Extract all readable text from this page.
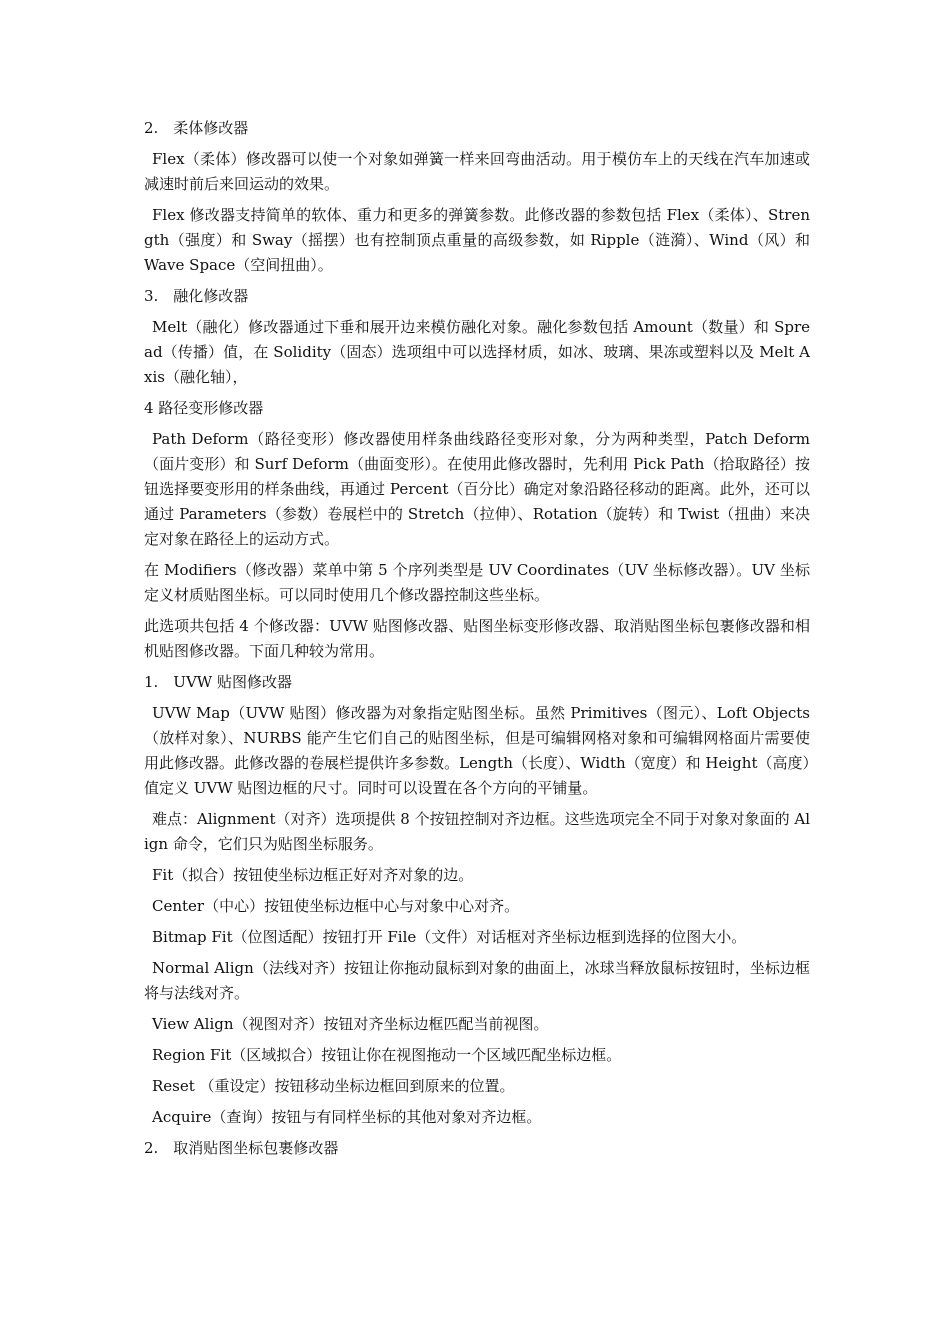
2.　柔体修改器

Flex（柔体）修改器可以使一个对象如弹簧一样来回弯曲活动。用于模仿车上的天线在汽车加速或减速时前后来回运动的效果。

Flex 修改器支持简单的软体、重力和更多的弹簧参数。此修改器的参数包括 Flex（柔体）、Strength（强度）和 Sway（摇摆）也有控制顶点重量的高级参数，如 Ripple（涟漪）、Wind（风）和 Wave Space（空间扭曲）。

3.　融化修改器

Melt（融化）修改器通过下垂和展开边来模仿融化对象。融化参数包括 Amount（数量）和 Spread（传播）值，在 Solidity（固态）选项组中可以选择材质，如冰、玻璃、果冻或塑料以及 Melt Axis（融化轴），

4 路径变形修改器

Path Deform（路径变形）修改器使用样条曲线路径变形对象，分为两种类型，Patch Deform（面片变形）和 Surf Deform（曲面变形）。在使用此修改器时，先利用 Pick Path（拾取路径）按钮选择要变形用的样条曲线，再通过 Percent（百分比）确定对象沿路径移动的距离。此外，还可以通过 Parameters（参数）卷展栏中的 Stretch（拉伸）、Rotation（旋转）和 Twist（扭曲）来决定对象在路径上的运动方式。

在 Modifiers（修改器）菜单中第 5 个序列类型是 UV Coordinates（UV 坐标修改器）。UV 坐标定义材质贴图坐标。可以同时使用几个修改器控制这些坐标。

此选项共包括 4 个修改器：UVW 贴图修改器、贴图坐标变形修改器、取消贴图坐标包裹修改器和相机贴图修改器。下面几种较为常用。

1.　UVW 贴图修改器

UVW Map（UVW 贴图）修改器为对象指定贴图坐标。虽然 Primitives（图元）、Loft Objects（放样对象）、NURBS 能产生它们自己的贴图坐标，但是可编辑网格对象和可编辑网格面片需要使用此修改器。此修改器的卷展栏提供许多参数。Length（长度）、Width（宽度）和 Height（高度）值定义 UVW 贴图边框的尺寸。同时可以设置在各个方向的平铺量。

难点：Alignment（对齐）选项提供 8 个按钮控制对齐边框。这些选项完全不同于对象对象面的 Align 命令，它们只为贴图坐标服务。

Fit（拟合）按钮使坐标边框正好对齐对象的边。

Center（中心）按钮使坐标边框中心与对象中心对齐。

Bitmap Fit（位图适配）按钮打开 File（文件）对话框对齐坐标边框到选择的位图大小。

Normal Align（法线对齐）按钮让你拖动鼠标到对象的曲面上，冰球当释放鼠标按钮时，坐标边框将与法线对齐。

View Align（视图对齐）按钮对齐坐标边框匹配当前视图。

Region Fit（区域拟合）按钮让你在视图拖动一个区域匹配坐标边框。

Reset （重设定）按钮移动坐标边框回到原来的位置。

Acquire（查询）按钮与有同样坐标的其他对象对齐边框。

2.　取消贴图坐标包裹修改器
